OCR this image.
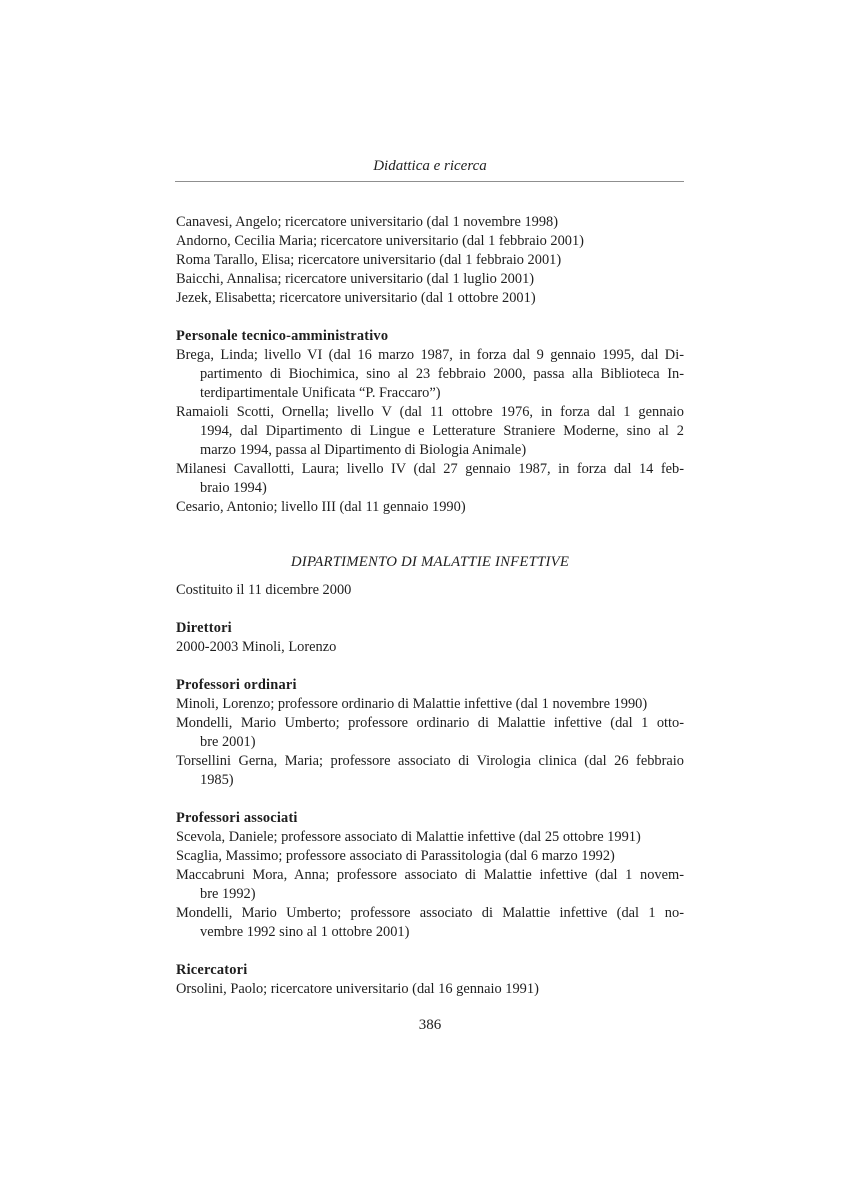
Didattica e ricerca
Canavesi, Angelo; ricercatore universitario (dal 1 novembre 1998)
Andorno, Cecilia Maria; ricercatore universitario (dal 1 febbraio 2001)
Roma Tarallo, Elisa; ricercatore universitario (dal 1 febbraio 2001)
Baicchi, Annalisa; ricercatore universitario (dal 1 luglio 2001)
Jezek, Elisabetta; ricercatore universitario (dal 1 ottobre 2001)
Personale tecnico-amministrativo
Brega, Linda; livello VI (dal 16 marzo 1987, in forza dal 9 gennaio 1995, dal Di-
partimento di Biochimica, sino al 23 febbraio 2000, passa alla Biblioteca In-
terdipartimentale Unificata “P. Fraccaro”)
Ramaioli Scotti, Ornella; livello V (dal 11 ottobre 1976, in forza dal 1 gennaio
1994, dal Dipartimento di Lingue e Letterature Straniere Moderne, sino al 2
marzo 1994, passa al Dipartimento di Biologia Animale)
Milanesi Cavallotti, Laura; livello IV (dal 27 gennaio 1987, in forza dal 14 feb-
braio 1994)
Cesario, Antonio; livello III (dal 11 gennaio 1990)
DIPARTIMENTO DI MALATTIE INFETTIVE
Costituito il 11 dicembre 2000
Direttori
2000-2003 Minoli, Lorenzo
Professori ordinari
Minoli, Lorenzo; professore ordinario di Malattie infettive (dal 1 novembre 1990)
Mondelli, Mario Umberto; professore ordinario di Malattie infettive (dal 1 otto-
bre 2001)
Torsellini Gerna, Maria; professore associato di Virologia clinica (dal 26 febbraio
1985)
Professori associati
Scevola, Daniele; professore associato di Malattie infettive (dal 25 ottobre 1991)
Scaglia, Massimo; professore associato di Parassitologia (dal 6 marzo 1992)
Maccabruni Mora, Anna; professore associato di Malattie infettive (dal 1 novem-
bre 1992)
Mondelli, Mario Umberto; professore associato di Malattie infettive (dal 1 no-
vembre 1992 sino al 1 ottobre 2001)
Ricercatori
Orsolini, Paolo; ricercatore universitario (dal 16 gennaio 1991)
386
